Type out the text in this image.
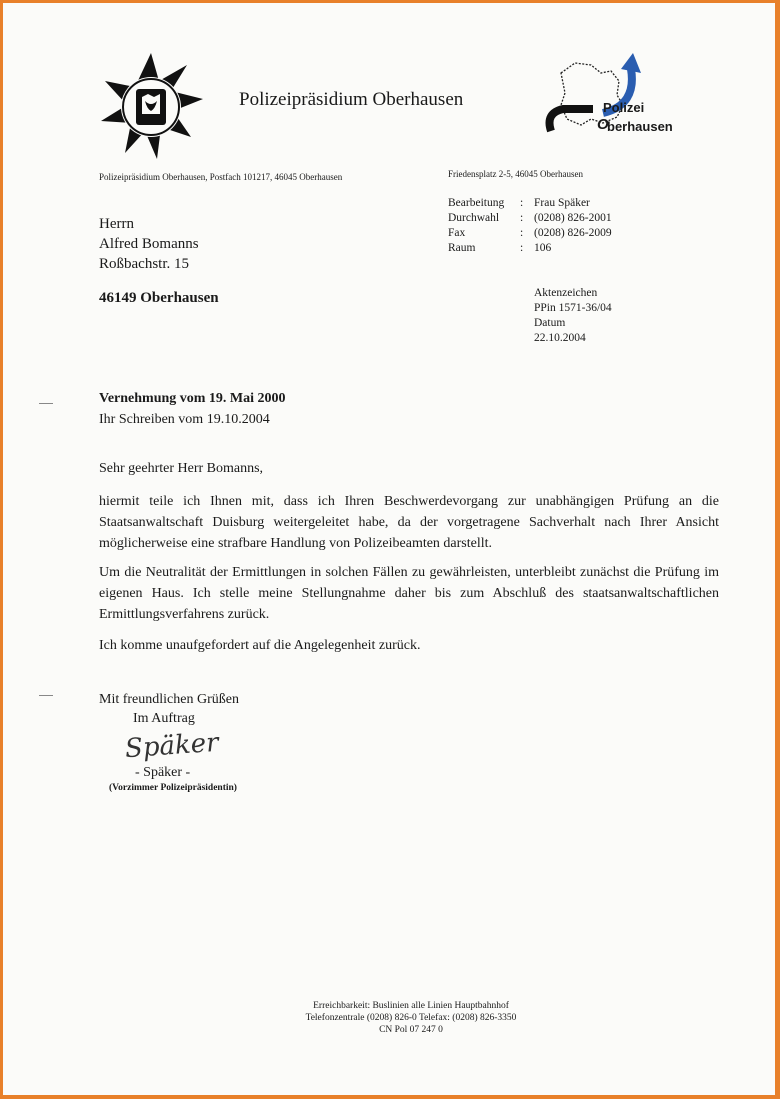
Polizeipräsidium Oberhausen	Polizei
O
berhausen
Polizeipräsidium Oberhausen, Postfach 101217, 46045 Oberhausen	Friedensplatz 2-5, 46045 Oberhausen
Bearbeitung	: Frau Späker
Durchwahl	: (0208) 826-2001
Fax	: (0208) 826-2009
Raum	: 106
Herrn
Alfred Bomanns
Roßbachstr. 15
46149 Oberhausen	Aktenzeichen
PPin 1571-36/04
Datum
22.10.2004
Vernehmung vom 19. Mai 2000
Ihr Schreiben vom 19.10.2004
Sehr geehrter Herr Bomanns,
hiermit teile ich Ihnen mit, dass ich Ihren Beschwerdevorgang zur unabhängigen Prüfung an die Staatsanwaltschaft Duisburg weitergeleitet habe, da der vorgetragene Sachverhalt nach Ihrer Ansicht möglicherweise eine strafbare Handlung von Polizeibeamten darstellt.
Um die Neutralität der Ermittlungen in solchen Fällen zu gewährleisten, unterbleibt zunächst die Prüfung im eigenen Haus. Ich stelle meine Stellungnahme daher bis zum Abschluß des staatsanwaltschaftlichen Ermittlungsverfahrens zurück.
Ich komme unaufgefordert auf die Angelegenheit zurück.
Mit freundlichen Grüßen
Im Auftrag
Späker
- Späker -
(Vorzimmer Polizeipräsidentin)
Erreichbarkeit: Buslinien alle Linien Hauptbahnhof
Telefonzentrale (0208) 826-0 Telefax: (0208) 826-3350
CN Pol 07 247 0
